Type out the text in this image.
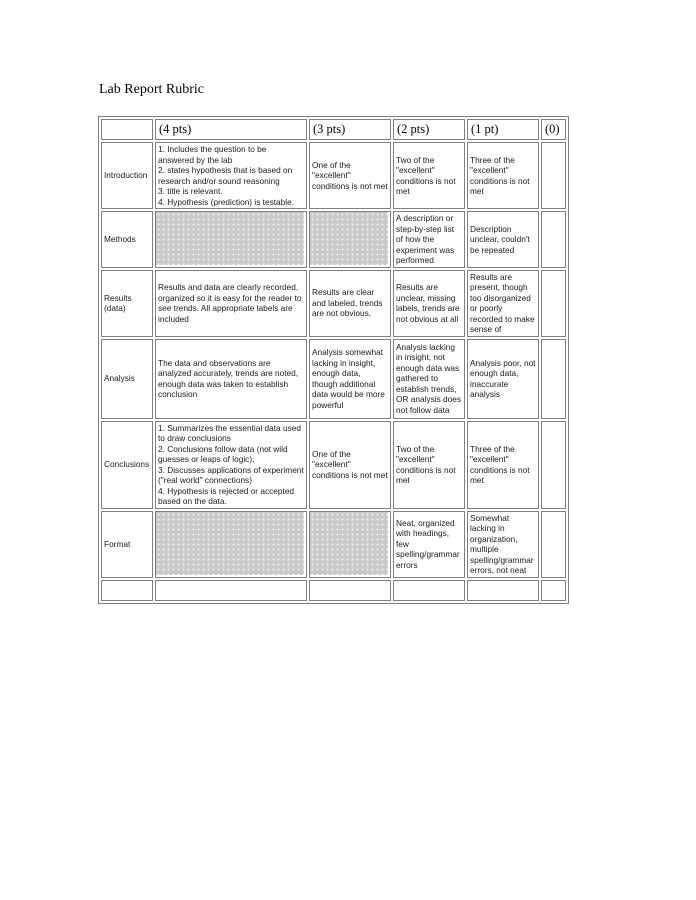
Lab Report Rubric
	(4 pts)	(3 pts)	(2 pts)	(1 pt)	(0)
Introduction	1. Includes the question to be answered by the lab
2. states hypothesis that is based on research and/or sound reasoning
3. title is relevant.
4. Hypothesis (prediction) is testable.	One of the "excellent" conditions is not met	Two of the "excellent" conditions is not met	Three of the "excellent" conditions is not met	
Methods			A description or step-by-step list of how the experiment was performed	Description unclear, couldn't be repeated	
Results (data)	Results and data are clearly recorded, organized so it is easy for the reader to see trends. All appropriate labels are included	Results are clear and labeled, trends are not obvious,	Results are unclear, missing labels, trends are not obvious at all	Results are present, though too disorganized or poorly recorded to make sense of	
Analysis	The data and observations are analyzed accurately, trends are noted, enough data was taken to establish conclusion	Analysis somewhat lacking in insight, enough data, though additional data would be more powerful	Analysis lacking in insight, not enough data was gathered to establish trends, OR analysis does not follow data	Analysis poor, not enough data, inaccurate analysis	
Conclusions	1. Summarizes the essential data used to draw conclusions
2. Conclusions follow data (not wild guesses or leaps of logic),
3. Discusses applications of experiment ("real world" connections)
4. Hypothesis is rejected or accepted based on the data.	One of the "excellent" conditions is not met	Two of the "excellent" conditions is not met	Three of the "excellent" conditions is not met	
Format			Neat, organized with headings, few spelling/grammar errors	Somewhat lacking in organization, multiple spelling/grammar errors, not neat	
